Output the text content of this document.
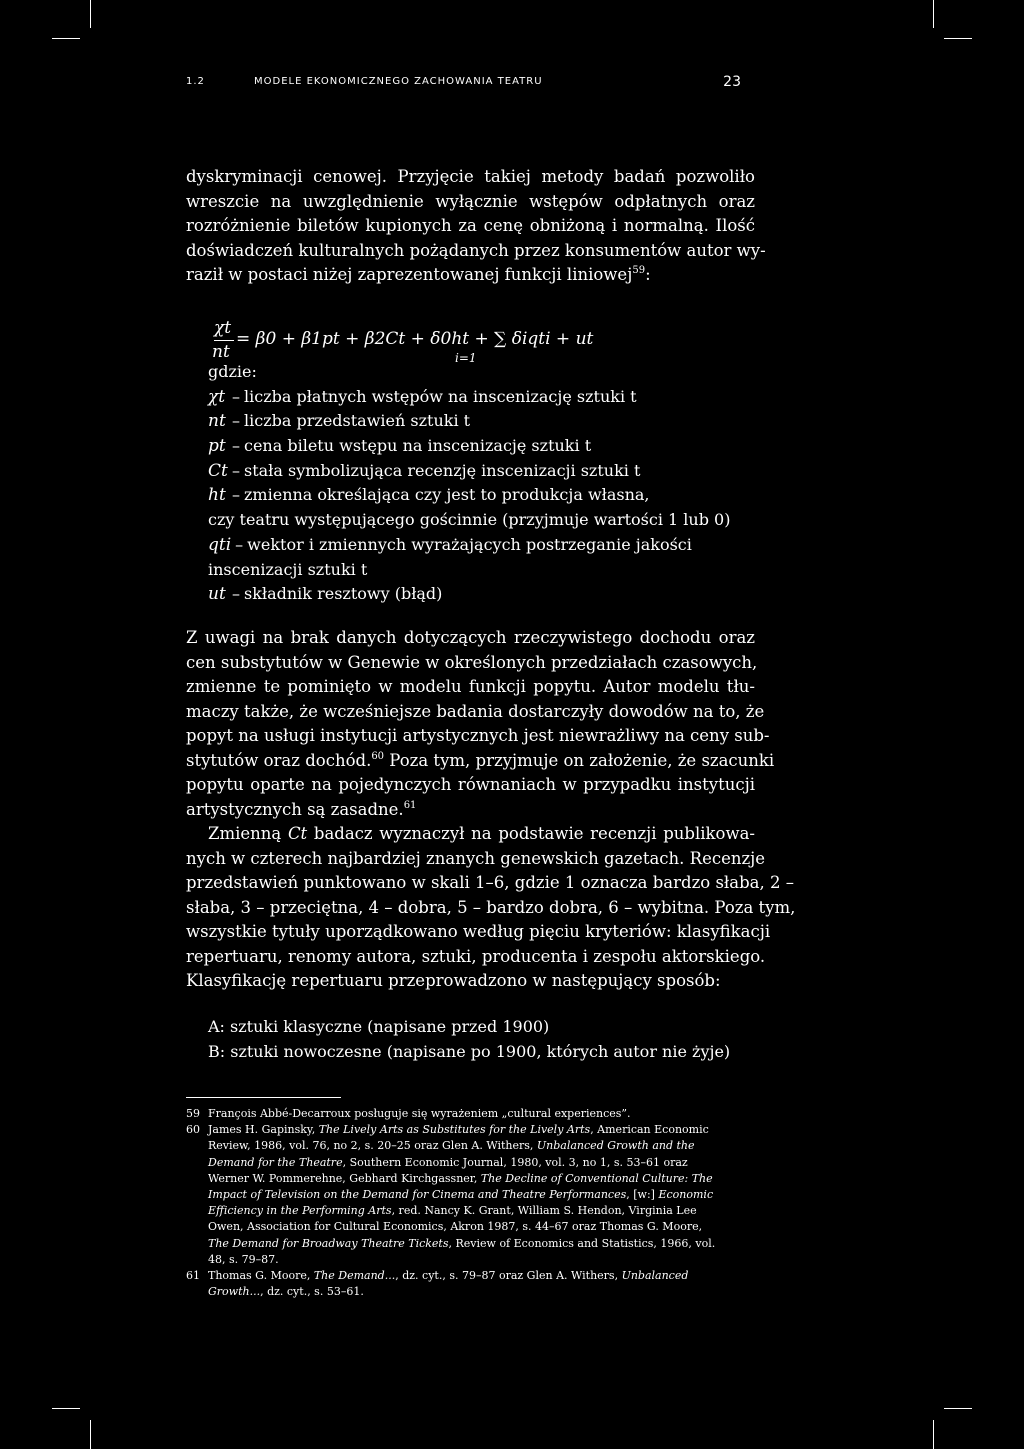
1.2	MODELE EKONOMICZNEGO ZACHOWANIA TEATRU	23
dyskryminacji cenowej. Przyjęcie takiej metody badań pozwoliło
wreszcie na uwzględnienie wyłącznie wstępów odpłatnych oraz
rozróżnienie biletów kupionych za cenę obniżoną i normalną. Ilość
doświadczeń kulturalnych pożądanych przez konsumentów autor wy-
raził w postaci niżej zaprezentowanej funkcji liniowej$^{59}$:
χt
nt
= β0 + β1pt + β2Ct + δ0ht + ∑ δiqti + ut
i=1
gdzie:
χt – liczba płatnych wstępów na inscenizację sztuki t
nt – liczba przedstawień sztuki t
pt – cena biletu wstępu na inscenizację sztuki t
Ct – stała symbolizująca recenzję inscenizacji sztuki t
ht – zmienna określająca czy jest to produkcja własna,
czy teatru występującego gościnnie (przyjmuje wartości 1 lub 0)
qti – wektor i zmiennych wyrażających postrzeganie jakości
inscenizacji sztuki t
ut – składnik resztowy (błąd)
Z uwagi na brak danych dotyczących rzeczywistego dochodu oraz
cen substytutów w Genewie w określonych przedziałach czasowych,
zmienne te pominięto w modelu funkcji popytu. Autor modelu tłu-
maczy także, że wcześniejsze badania dostarczyły dowodów na to, że
popyt na usługi instytucji artystycznych jest niewrażliwy na ceny sub-
stytutów oraz dochód.$^{60}$ Poza tym, przyjmuje on założenie, że szacunki
popytu oparte na pojedynczych równaniach w przypadku instytucji
artystycznych są zasadne.$^{61}$
Zmienną Ct badacz wyznaczył na podstawie recenzji publikowa-
nych w czterech najbardziej znanych genewskich gazetach. Recenzje
przedstawień punktowano w skali 1–6, gdzie 1 oznacza bardzo słaba, 2 –
słaba, 3 – przeciętna, 4 – dobra, 5 – bardzo dobra, 6 – wybitna. Poza tym,
wszystkie tytuły uporządkowano według pięciu kryteriów: klasyfikacji
repertuaru, renomy autora, sztuki, producenta i zespołu aktorskiego.
Klasyfikację repertuaru przeprowadzono w następujący sposób:
A: sztuki klasyczne (napisane przed 1900)
B: sztuki nowoczesne (napisane po 1900, których autor nie żyje)
59 François Abbé-Decarroux posługuje się wyrażeniem „cultural experiences”.
60 James H. Gapinsky, The Lively Arts as Substitutes for the Lively Arts, American Economic
Review, 1986, vol. 76, no 2, s. 20–25 oraz Glen A. Withers, Unbalanced Growth and the
Demand for the Theatre, Southern Economic Journal, 1980, vol. 3, no 1, s. 53–61 oraz
Werner W. Pommerehne, Gebhard Kirchgassner, The Decline of Conventional Culture: The
Impact of Television on the Demand for Cinema and Theatre Performances, [w:] Economic
Efficiency in the Performing Arts, red. Nancy K. Grant, William S. Hendon, Virginia Lee
Owen, Association for Cultural Economics, Akron 1987, s. 44–67 oraz Thomas G. Moore,
The Demand for Broadway Theatre Tickets, Review of Economics and Statistics, 1966, vol.
48, s. 79–87.
61 Thomas G. Moore, The Demand..., dz. cyt., s. 79–87 oraz Glen A. Withers, Unbalanced
Growth..., dz. cyt., s. 53–61.
